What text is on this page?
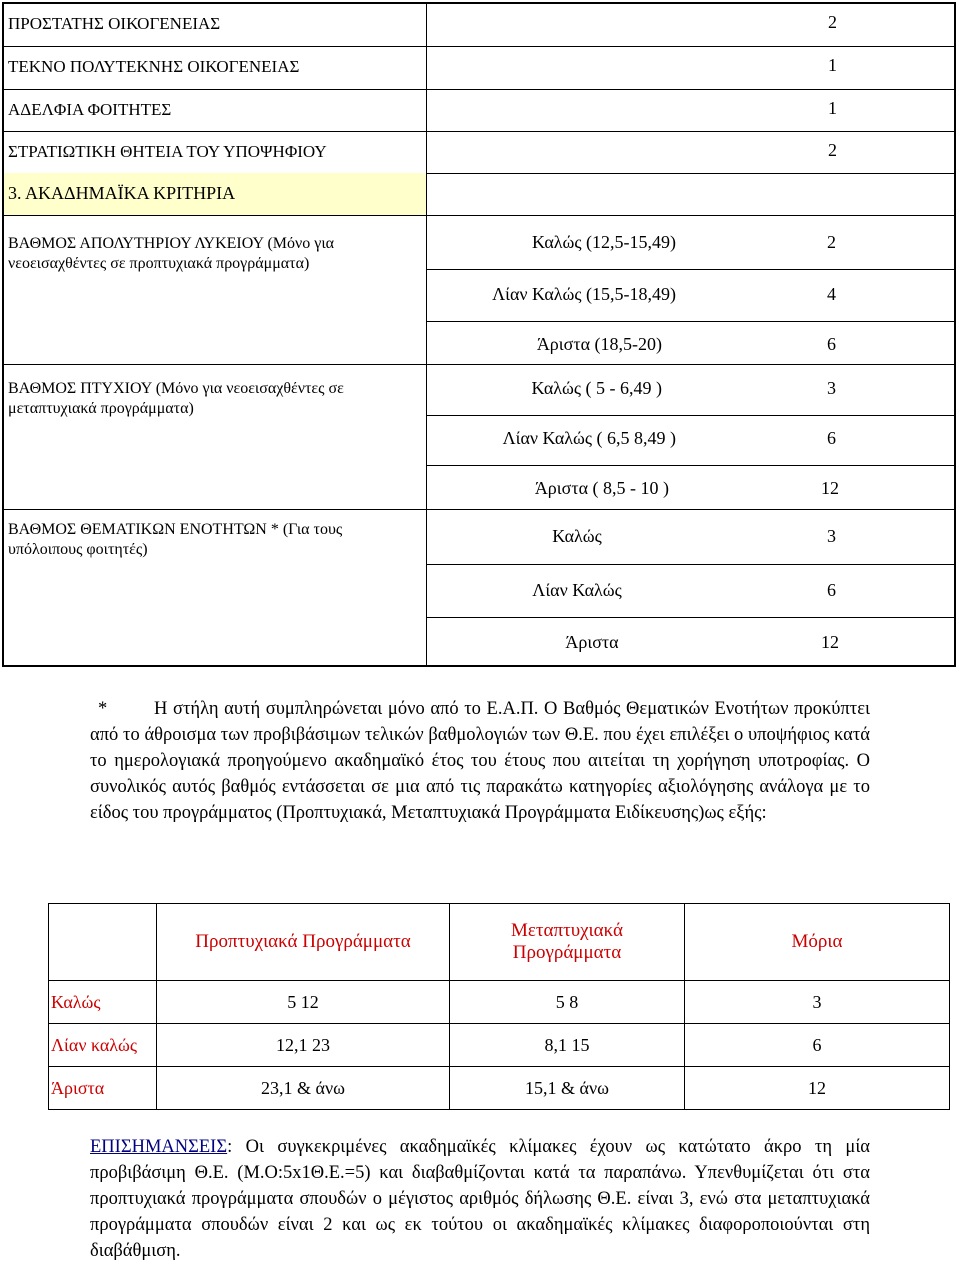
ΠΡΟΣΤΑΤΗΣ ΟΙΚΟΓΕΝΕΙΑΣ	2
ΤΕΚΝΟ ΠΟΛΥΤΕΚΝΗΣ ΟΙΚΟΓΕΝΕΙΑΣ	1
ΑΔΕΛΦΙΑ ΦΟΙΤΗΤΕΣ	1
ΣΤΡΑΤΙΩΤΙΚΗ ΘΗΤΕΙΑ ΤΟΥ ΥΠΟΨΗΦΙΟΥ	2
3. ΑΚΑΔΗΜΑΪΚΑ ΚΡΙΤΗΡΙΑ
ΒΑΘΜΟΣ ΑΠΟΛΥΤΗΡΙΟΥ ΛΥΚΕΙΟΥ (Μόνο για νεοεισαχθέντες σε προπτυχιακά προγράμματα)
Καλώς (12,5-15,49)	2
Λίαν Καλώς (15,5-18,49)	4
Άριστα (18,5-20)	6
ΒΑΘΜΟΣ ΠΤΥΧΙΟΥ (Μόνο για νεοεισαχθέντες σε μεταπτυχιακά προγράμματα)
Καλώς ( 5 - 6,49 )	3
Λίαν Καλώς ( 6,5 8,49 )	6
Άριστα ( 8,5 - 10 )	12
ΒΑΘΜΟΣ ΘΕΜΑΤΙΚΩΝ ΕΝΟΤΗΤΩΝ * (Για τους υπόλοιπους φοιτητές)
Καλώς	3
Λίαν Καλώς	6
Άριστα	12
*	Η στήλη αυτή συμπληρώνεται μόνο από το Ε.Α.Π. Ο Βαθμός Θεματικών Ενοτήτων προκύπτει από το άθροισμα των προβιβάσιμων τελικών βαθμολογιών των Θ.Ε. που έχει επιλέξει ο υποψήφιος κατά το ημερολογιακά προηγούμενο ακαδημαϊκό έτος του έτους που αιτείται τη χορήγηση υποτροφίας. Ο συνολικός αυτός βαθμός εντάσσεται σε μια από τις παρακάτω κατηγορίες αξιολόγησης ανάλογα με το είδος του προγράμματος (Προπτυχιακά, Μεταπτυχιακά Προγράμματα Ειδίκευσης)ως εξής:
	Προπτυχιακά Προγράμματα	Μεταπτυχιακά Προγράμματα	Μόρια
Καλώς	5 12	5 8	3
Λίαν καλώς	12,1 23	8,1 15	6
Άριστα	23,1 & άνω	15,1 & άνω	12
ΕΠΙΣΗΜΑΝΣΕΙΣ: Οι συγκεκριμένες ακαδημαϊκές κλίμακες έχουν ως κατώτατο άκρο τη μία προβιβάσιμη Θ.Ε. (Μ.Ο:5x1Θ.Ε.=5) και διαβαθμίζονται κατά τα παραπάνω. Υπενθυμίζεται ότι στα προπτυχιακά προγράμματα σπουδών ο μέγιστος αριθμός δήλωσης Θ.Ε. είναι 3, ενώ στα μεταπτυχιακά προγράμματα σπουδών είναι 2 και ως εκ τούτου οι ακαδημαϊκές κλίμακες διαφοροποιούνται στη διαβάθμιση.
